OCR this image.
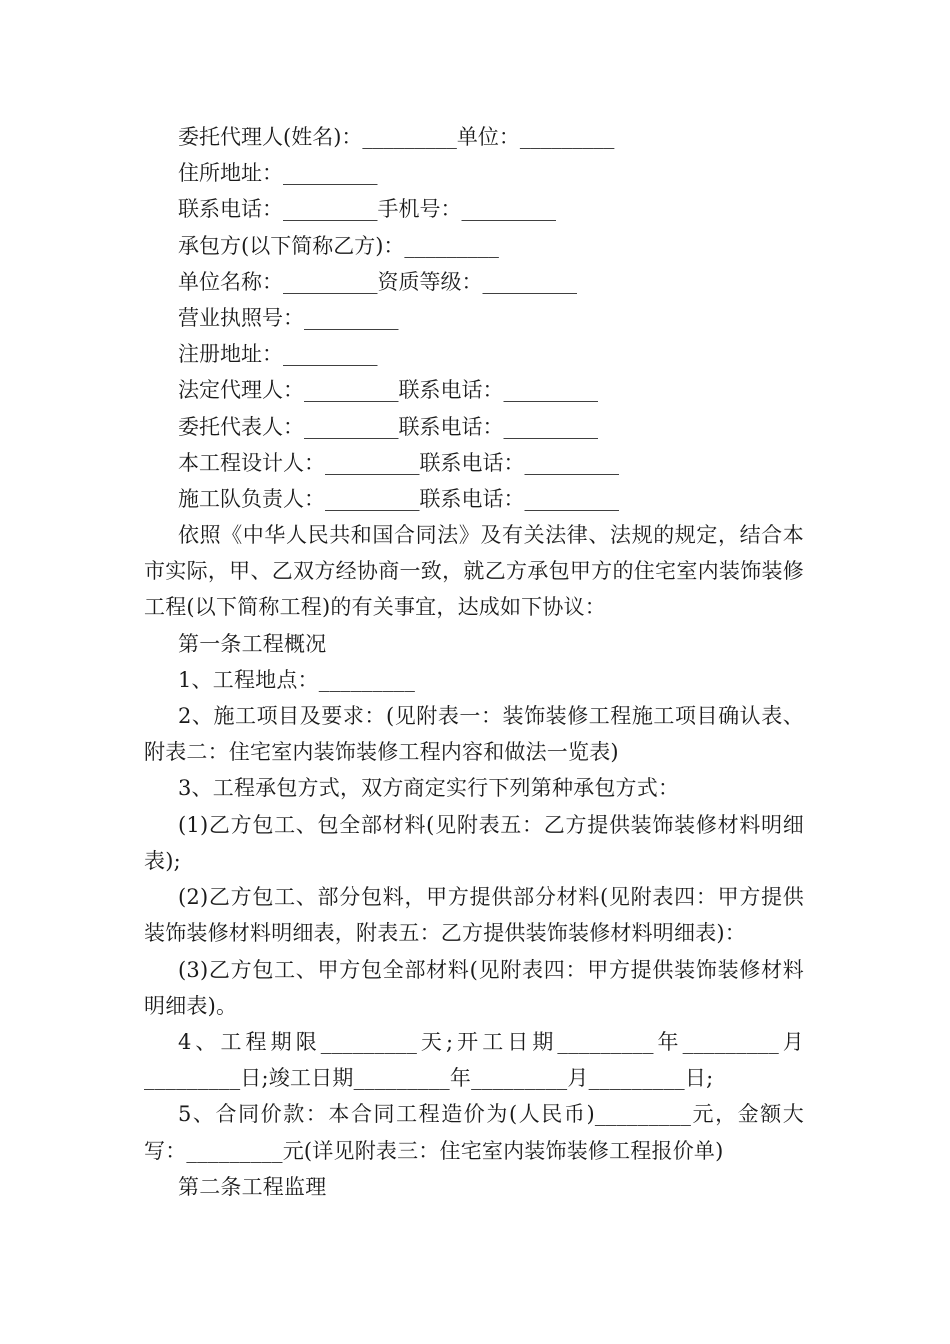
委托代理人(姓名)：_________单位：_________

住所地址：_________

联系电话：_________手机号：_________

承包方(以下简称乙方)：_________

单位名称：_________资质等级：_________

营业执照号：_________

注册地址：_________

法定代理人：_________联系电话：_________

委托代表人：_________联系电话：_________

本工程设计人：_________联系电话：_________

施工队负责人：_________联系电话：_________

依照《中华人民共和国合同法》及有关法律、法规的规定，结合本市实际，甲、乙双方经协商一致，就乙方承包甲方的住宅室内装饰装修工程(以下简称工程)的有关事宜，达成如下协议：

第一条工程概况

1、工程地点：_________

2、施工项目及要求：(见附表一：装饰装修工程施工项目确认表、附表二：住宅室内装饰装修工程内容和做法一览表)

3、工程承包方式，双方商定实行下列第种承包方式：

(1)乙方包工、包全部材料(见附表五：乙方提供装饰装修材料明细表);

(2)乙方包工、部分包料，甲方提供部分材料(见附表四：甲方提供装饰装修材料明细表，附表五：乙方提供装饰装修材料明细表)：

(3)乙方包工、甲方包全部材料(见附表四：甲方提供装饰装修材料明细表)。

4、工程期限_________天;开工日期_________年_________月_________日;竣工日期_________年_________月_________日;

5、合同价款：本合同工程造价为(人民币)_________元，金额大写：_________元(详见附表三：住宅室内装饰装修工程报价单)

第二条工程监理
